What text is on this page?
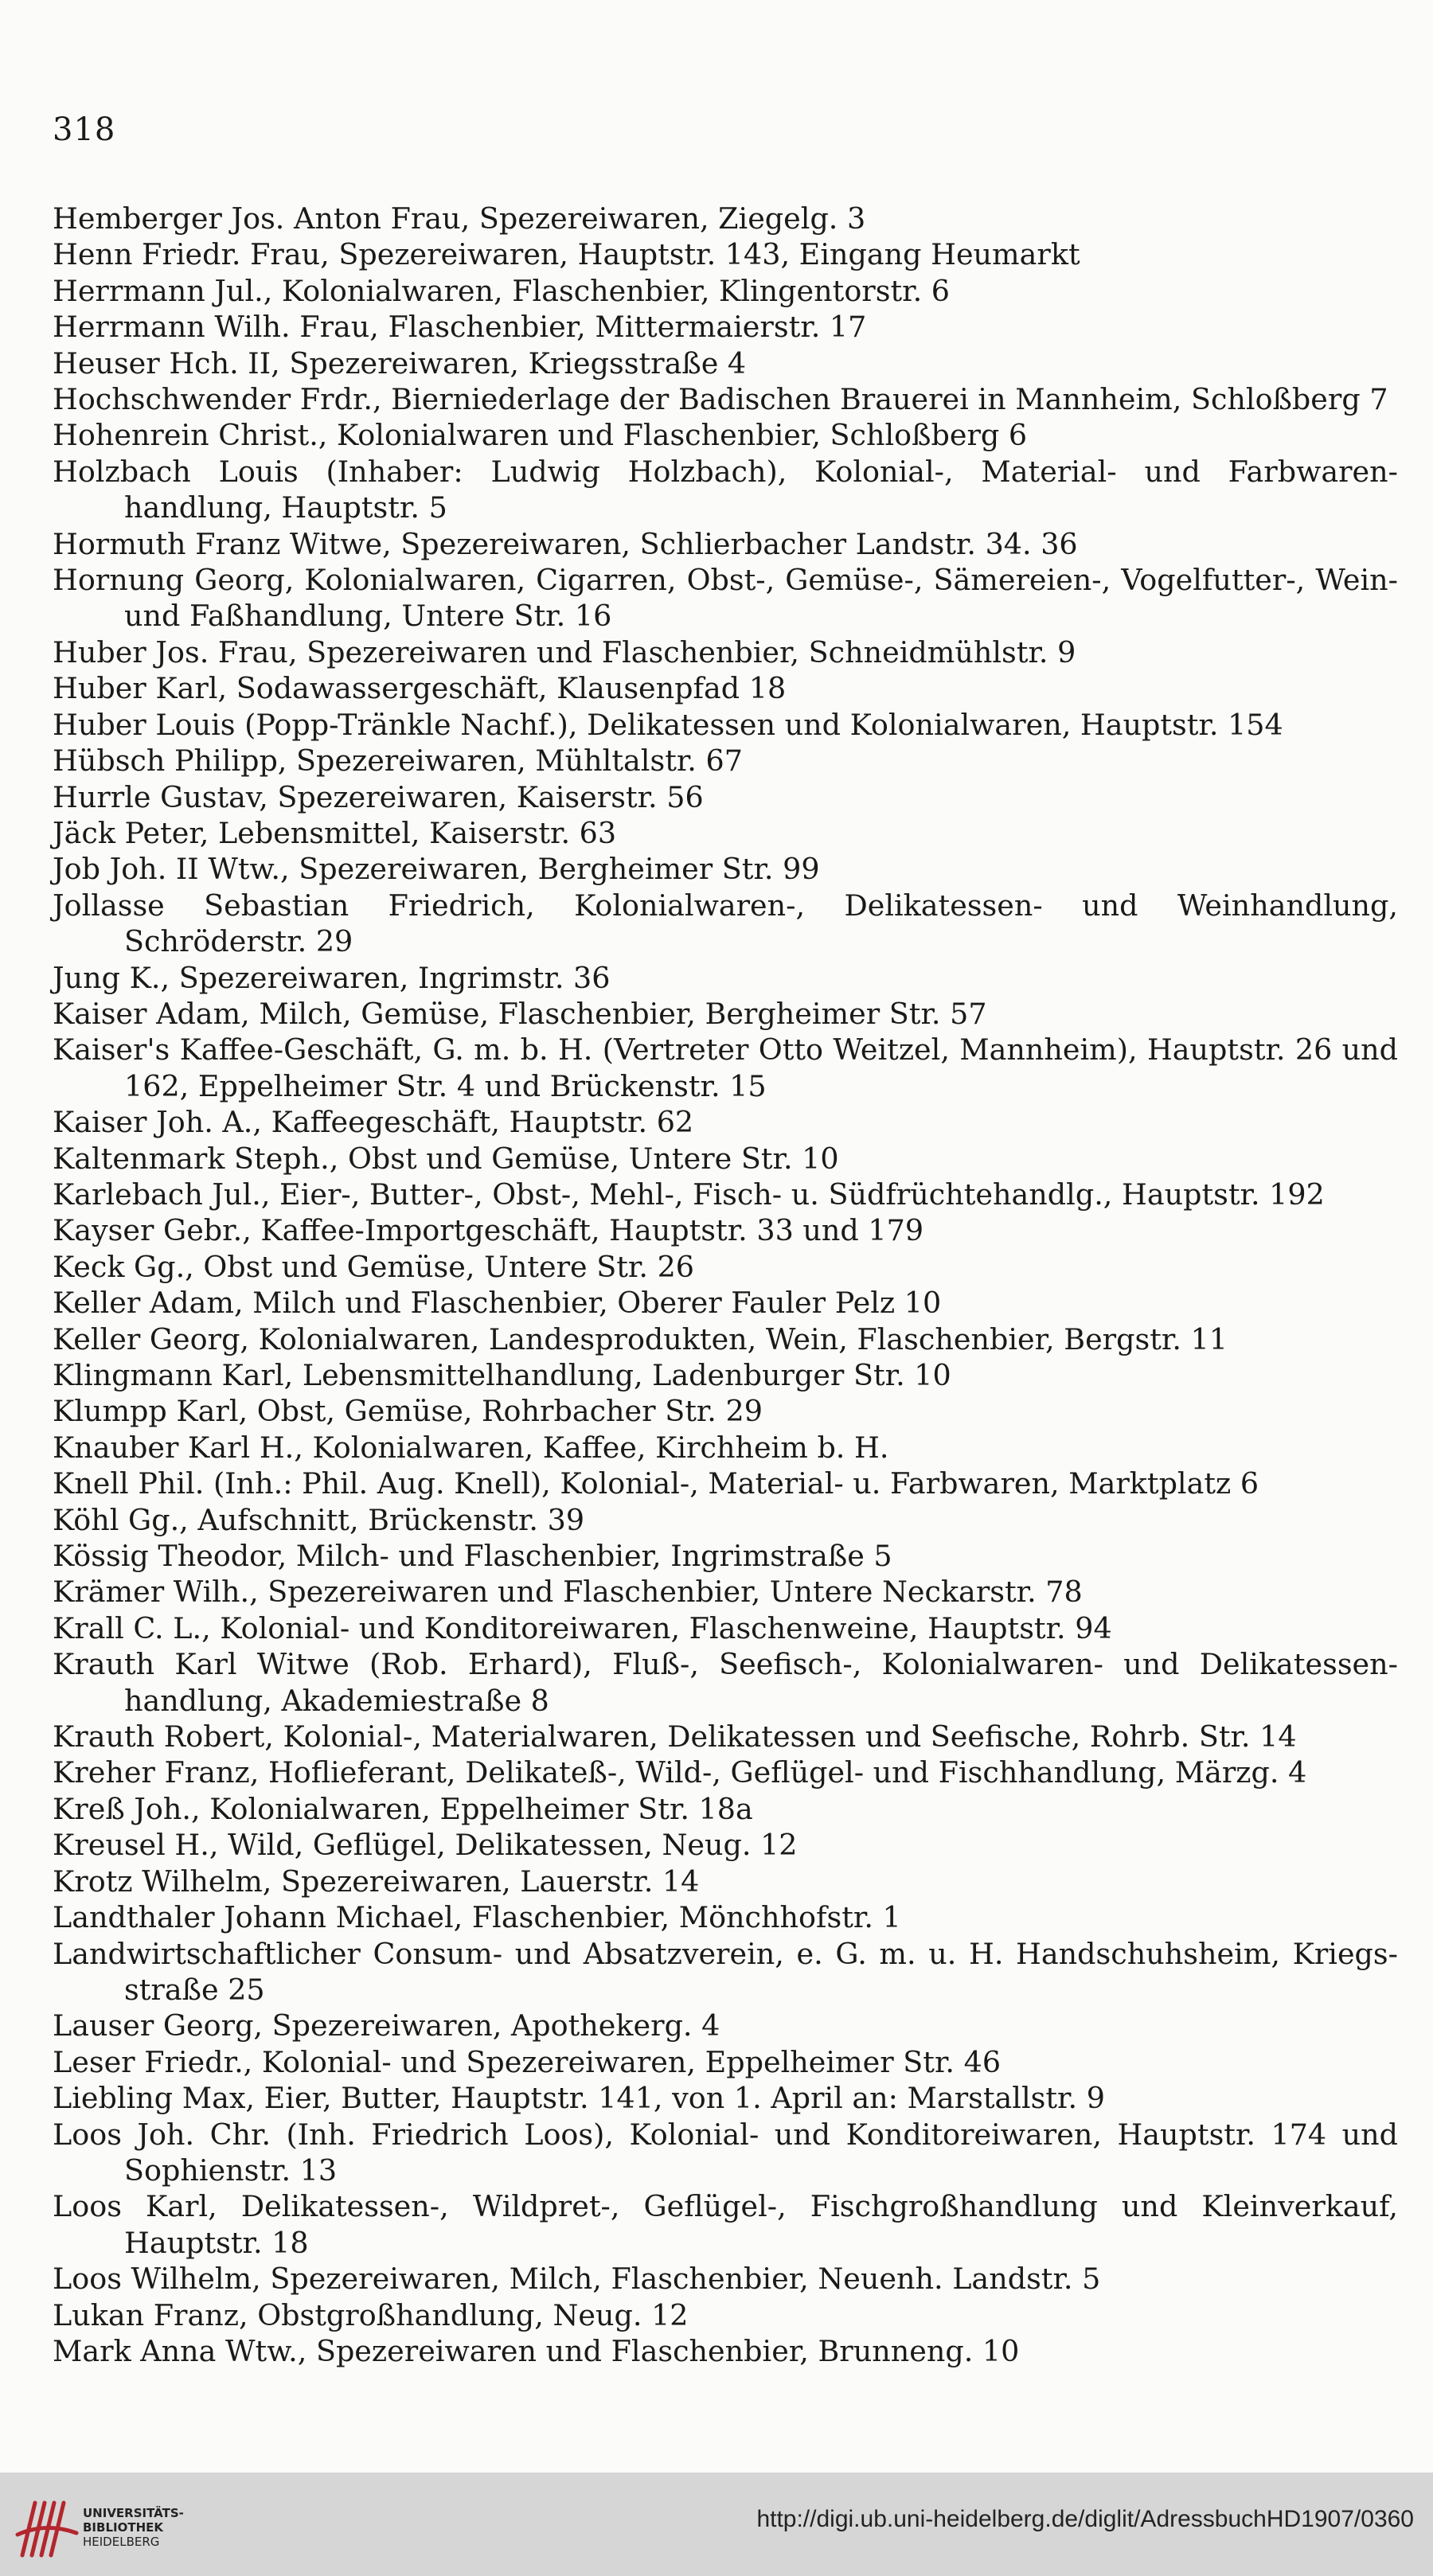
318

Hemberger Jos. Anton Frau, Spezereiwaren, Ziegelg. 3

Henn Friedr. Frau, Spezereiwaren, Hauptstr. 143, Eingang Heumarkt

Herrmann Jul., Kolonialwaren, Flaschenbier, Klingentorstr. 6

Herrmann Wilh. Frau, Flaschenbier, Mittermaierstr. 17

Heuser Hch. II, Spezereiwaren, Kriegsstraße 4

Hochschwender Frdr., Bierniederlage der Badischen Brauerei in Mannheim, Schloßberg 7

Hohenrein Christ., Kolonialwaren und Flaschenbier, Schloßberg 6

Holzbach Louis (Inhaber: Ludwig Holzbach), Kolonial-, Material- und Farbwaren-handlung, Hauptstr. 5

Hormuth Franz Witwe, Spezereiwaren, Schlierbacher Landstr. 34. 36

Hornung Georg, Kolonialwaren, Cigarren, Obst-, Gemüse-, Sämereien-, Vogelfutter-, Wein- und Faßhandlung, Untere Str. 16

Huber Jos. Frau, Spezereiwaren und Flaschenbier, Schneidmühlstr. 9

Huber Karl, Sodawassergeschäft, Klausenpfad 18

Huber Louis (Popp-Tränkle Nachf.), Delikatessen und Kolonialwaren, Hauptstr. 154

Hübsch Philipp, Spezereiwaren, Mühltalstr. 67

Hurrle Gustav, Spezereiwaren, Kaiserstr. 56

Jäck Peter, Lebensmittel, Kaiserstr. 63

Job Joh. II Wtw., Spezereiwaren, Bergheimer Str. 99

Jollasse Sebastian Friedrich, Kolonialwaren-, Delikatessen- und Weinhandlung, Schröderstr. 29

Jung K., Spezereiwaren, Ingrimstr. 36

Kaiser Adam, Milch, Gemüse, Flaschenbier, Bergheimer Str. 57

Kaiser's Kaffee-Geschäft, G. m. b. H. (Vertreter Otto Weitzel, Mannheim), Hauptstr. 26 und 162, Eppelheimer Str. 4 und Brückenstr. 15

Kaiser Joh. A., Kaffeegeschäft, Hauptstr. 62

Kaltenmark Steph., Obst und Gemüse, Untere Str. 10

Karlebach Jul., Eier-, Butter-, Obst-, Mehl-, Fisch- u. Südfrüchtehandlg., Hauptstr. 192

Kayser Gebr., Kaffee-Importgeschäft, Hauptstr. 33 und 179

Keck Gg., Obst und Gemüse, Untere Str. 26

Keller Adam, Milch und Flaschenbier, Oberer Fauler Pelz 10

Keller Georg, Kolonialwaren, Landesprodukten, Wein, Flaschenbier, Bergstr. 11

Klingmann Karl, Lebensmittelhandlung, Ladenburger Str. 10

Klumpp Karl, Obst, Gemüse, Rohrbacher Str. 29

Knauber Karl H., Kolonialwaren, Kaffee, Kirchheim b. H.

Knell Phil. (Inh.: Phil. Aug. Knell), Kolonial-, Material- u. Farbwaren, Marktplatz 6

Köhl Gg., Aufschnitt, Brückenstr. 39

Kössig Theodor, Milch- und Flaschenbier, Ingrimstraße 5

Krämer Wilh., Spezereiwaren und Flaschenbier, Untere Neckarstr. 78

Krall C. L., Kolonial- und Konditoreiwaren, Flaschenweine, Hauptstr. 94

Krauth Karl Witwe (Rob. Erhard), Fluß-, Seefisch-, Kolonialwaren- und Delikatessen-handlung, Akademiestraße 8

Krauth Robert, Kolonial-, Materialwaren, Delikatessen und Seefische, Rohrb. Str. 14

Kreher Franz, Hoflieferant, Delikateß-, Wild-, Geflügel- und Fischhandlung, Märzg. 4

Kreß Joh., Kolonialwaren, Eppelheimer Str. 18a

Kreusel H., Wild, Geflügel, Delikatessen, Neug. 12

Krotz Wilhelm, Spezereiwaren, Lauerstr. 14

Landthaler Johann Michael, Flaschenbier, Mönchhofstr. 1

Landwirtschaftlicher Consum- und Absatzverein, e. G. m. u. H. Handschuhsheim, Kriegs-straße 25

Lauser Georg, Spezereiwaren, Apothekerg. 4

Leser Friedr., Kolonial- und Spezereiwaren, Eppelheimer Str. 46

Liebling Max, Eier, Butter, Hauptstr. 141, von 1. April an: Marstallstr. 9

Loos Joh. Chr. (Inh. Friedrich Loos), Kolonial- und Konditoreiwaren, Hauptstr. 174 und Sophienstr. 13

Loos Karl, Delikatessen-, Wildpret-, Geflügel-, Fischgroßhandlung und Kleinverkauf, Hauptstr. 18

Loos Wilhelm, Spezereiwaren, Milch, Flaschenbier, Neuenh. Landstr. 5

Lukan Franz, Obstgroßhandlung, Neug. 12

Mark Anna Wtw., Spezereiwaren und Flaschenbier, Brunneng. 10

UNIVERSITÄTS-
BIBLIOTHEK
HEIDELBERG
http://digi.ub.uni-heidelberg.de/diglit/AdressbuchHD1907/0360
